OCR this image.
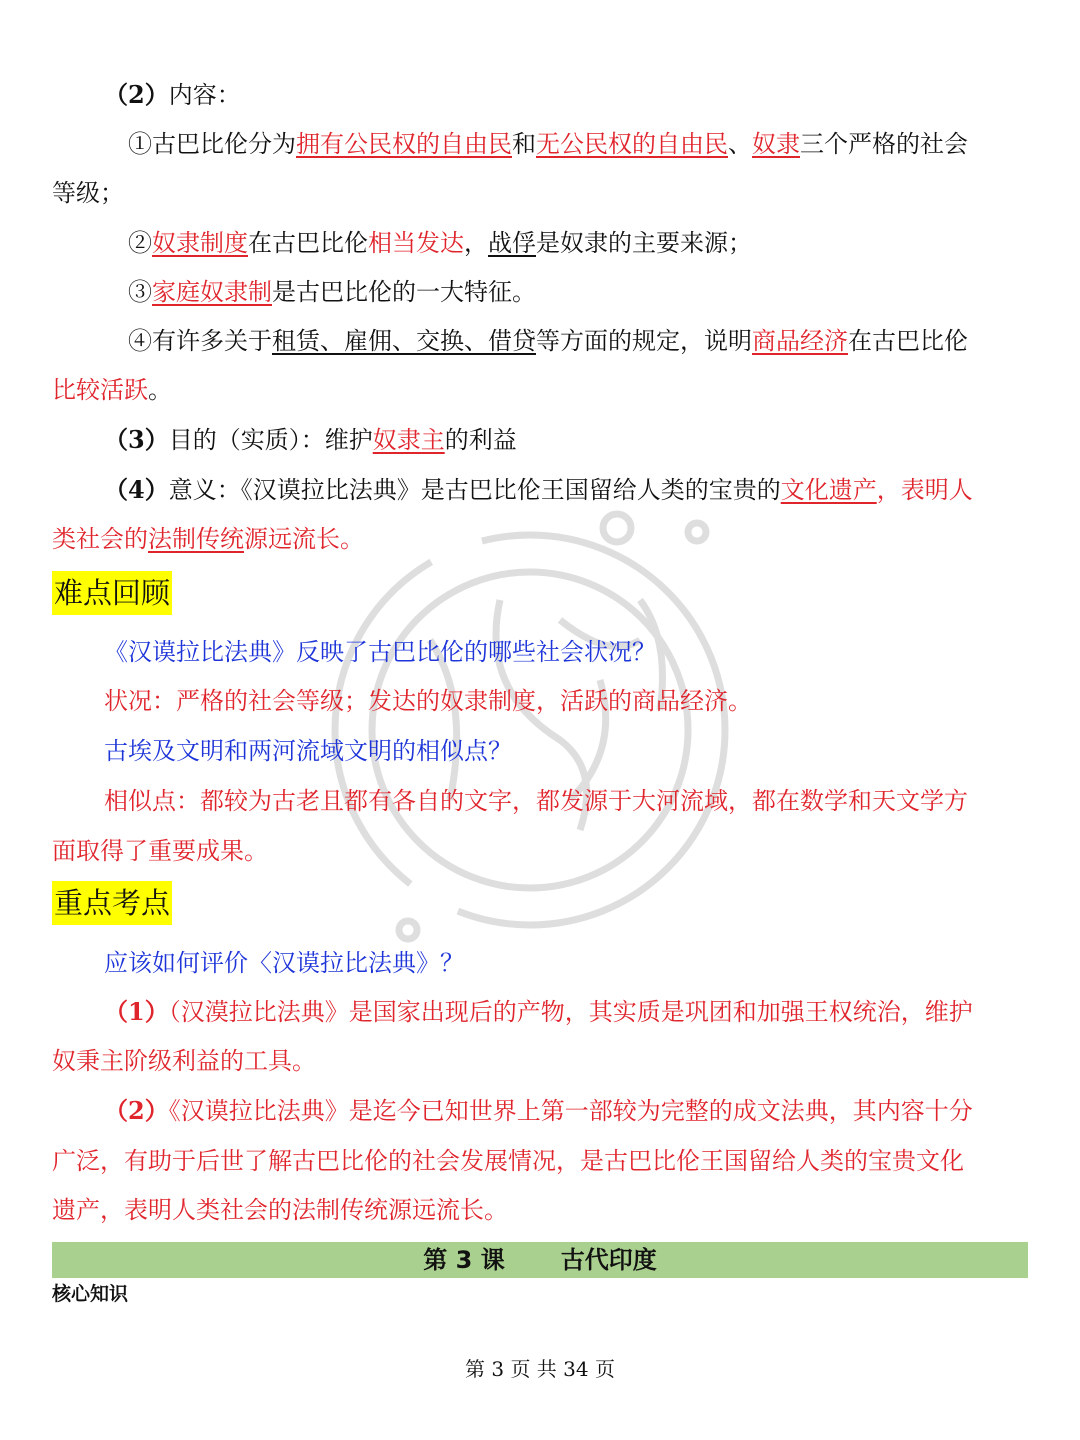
（2）内容：
①古巴比伦分为拥有公民权的自由民和无公民权的自由民、奴隶三个严格的社会
等级；
②奴隶制度在古巴比伦相当发达，战俘是奴隶的主要来源；
③家庭奴隶制是古巴比伦的一大特征。
④有许多关于租赁、雇佣、交换、借贷等方面的规定，说明商品经济在古巴比伦
比较活跃。
（3）目的（实质）：维护奴隶主的利益
（4）意义：《汉谟拉比法典》是古巴比伦王国留给人类的宝贵的文化遗产，表明人
类社会的法制传统源远流长。
难点回顾
《汉谟拉比法典》反映了古巴比伦的哪些社会状况？
状况：严格的社会等级；发达的奴隶制度，活跃的商品经济。
古埃及文明和两河流域文明的相似点？
相似点：都较为古老且都有各自的文字，都发源于大河流域，都在数学和天文学方
面取得了重要成果。
重点考点
应该如何评价〈汉谟拉比法典》？
（1）（汉漠拉比法典》是国家出现后的产物，其实质是巩团和加强王权统治，维护
奴秉主阶级利益的工具。
（2）《汉谟拉比法典》是迄今已知世界上第一部较为完整的成文法典，其内容十分
广泛，有助于后世了解古巴比伦的社会发展情况，是古巴比伦王国留给人类的宝贵文化
遗产，表明人类社会的法制传统源远流长。
第 3 课 古代印度
核心知识
第 3 页 共 34 页
